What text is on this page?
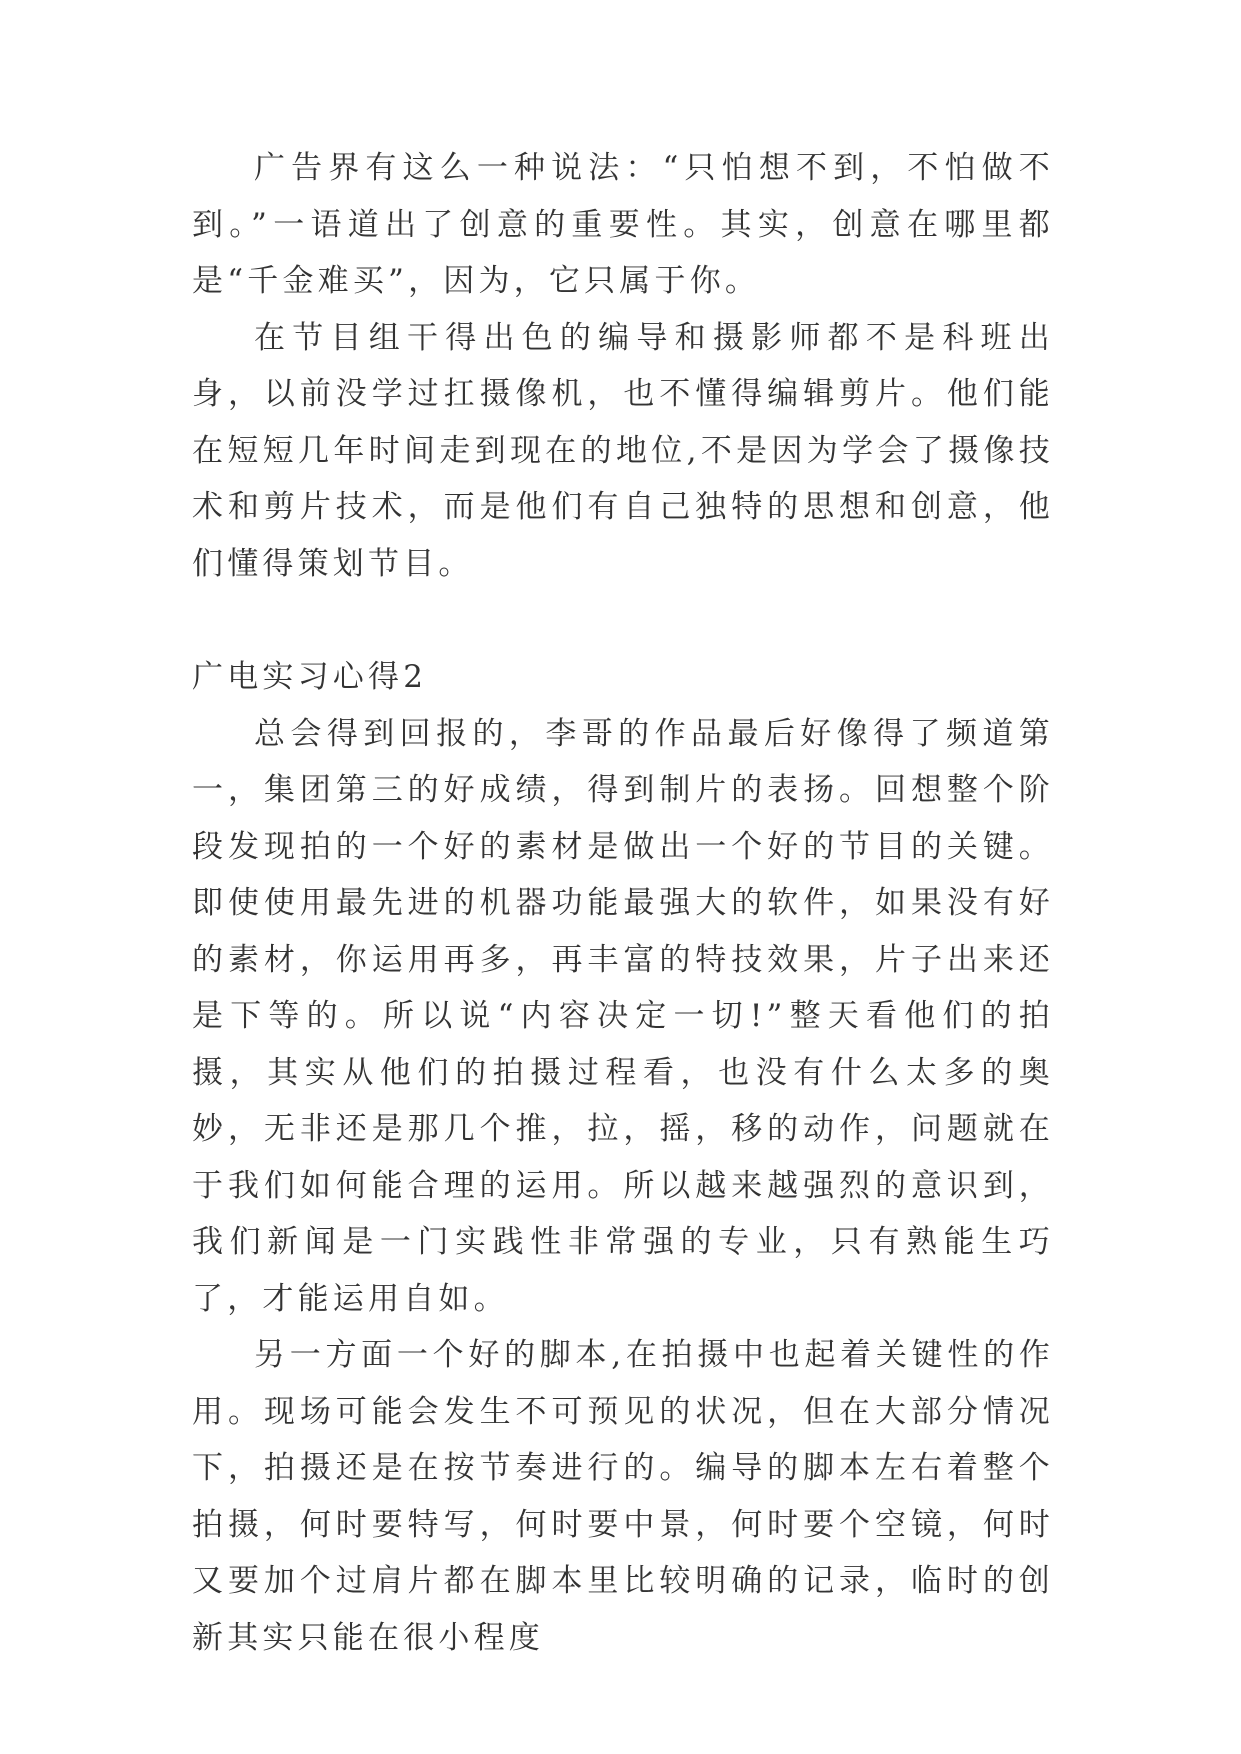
广告界有这么一种说法：“只怕想不到，不怕做不到。”一语道出了创意的重要性。其实，创意在哪里都是“千金难买”，因为，它只属于你。

在节目组干得出色的编导和摄影师都不是科班出身，以前没学过扛摄像机，也不懂得编辑剪片。他们能在短短几年时间走到现在的地位,不是因为学会了摄像技术和剪片技术，而是他们有自己独特的思想和创意，他们懂得策划节目。

广电实习心得2

总会得到回报的，李哥的作品最后好像得了频道第一，集团第三的好成绩，得到制片的表扬。回想整个阶段发现拍的一个好的素材是做出一个好的节目的关键。即使使用最先进的机器功能最强大的软件，如果没有好的素材，你运用再多，再丰富的特技效果，片子出来还是下等的。所以说“内容决定一切!”整天看他们的拍摄，其实从他们的拍摄过程看，也没有什么太多的奥妙，无非还是那几个推，拉，摇，移的动作，问题就在于我们如何能合理的运用。所以越来越强烈的意识到，我们新闻是一门实践性非常强的专业，只有熟能生巧了，才能运用自如。

另一方面一个好的脚本,在拍摄中也起着关键性的作用。现场可能会发生不可预见的状况，但在大部分情况下，拍摄还是在按节奏进行的。编导的脚本左右着整个拍摄，何时要特写，何时要中景，何时要个空镜，何时又要加个过肩片都在脚本里比较明确的记录，临时的创新其实只能在很小程度
